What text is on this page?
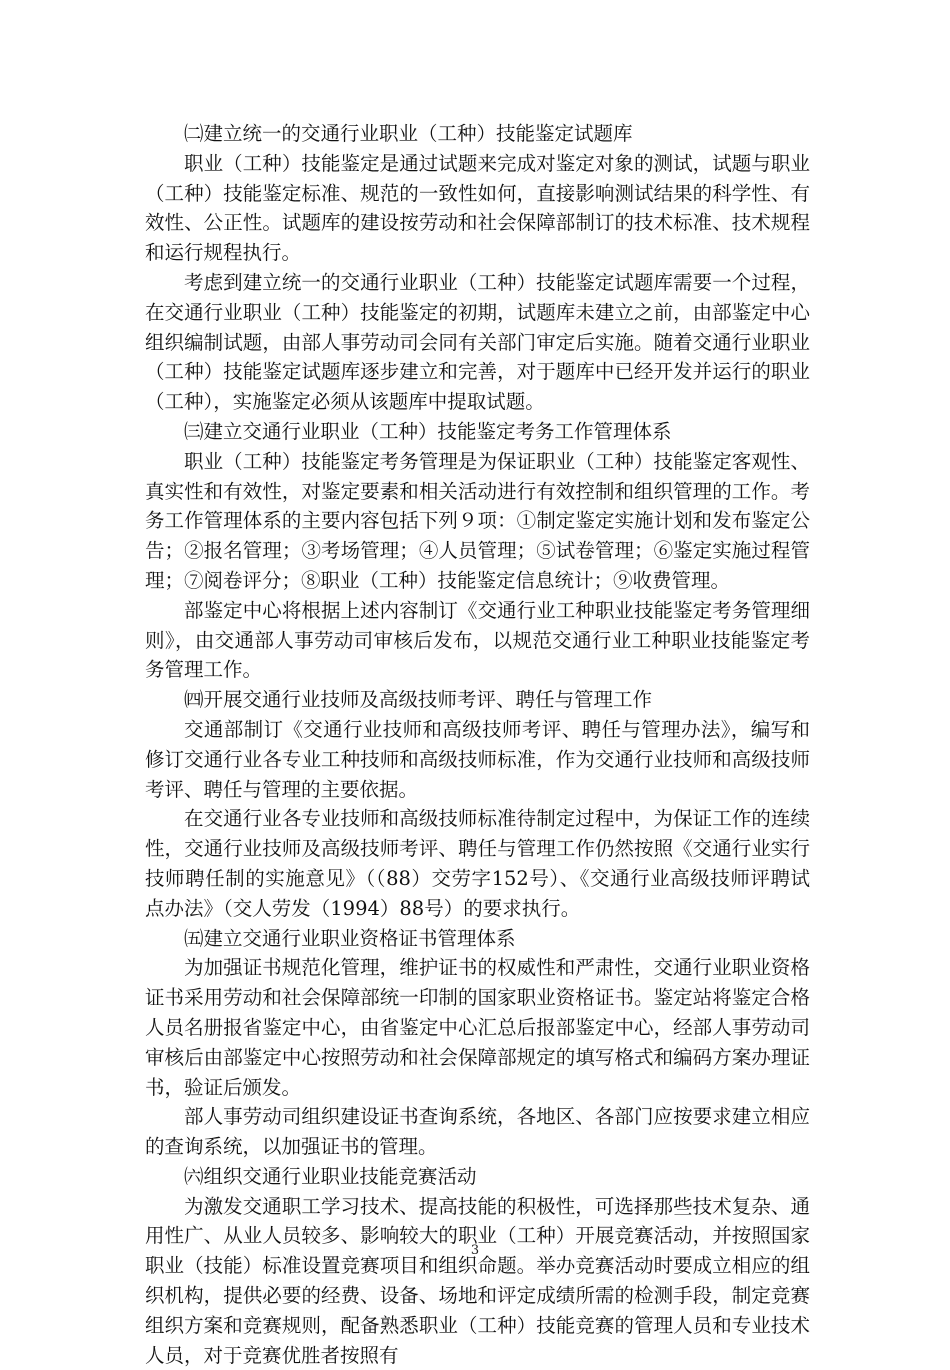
㈡建立统一的交通行业职业（工种）技能鉴定试题库

职业（工种）技能鉴定是通过试题来完成对鉴定对象的测试，试题与职业（工种）技能鉴定标准、规范的一致性如何，直接影响测试结果的科学性、有效性、公正性。试题库的建设按劳动和社会保障部制订的技术标准、技术规程和运行规程执行。

考虑到建立统一的交通行业职业（工种）技能鉴定试题库需要一个过程，在交通行业职业（工种）技能鉴定的初期，试题库未建立之前，由部鉴定中心组织编制试题，由部人事劳动司会同有关部门审定后实施。随着交通行业职业（工种）技能鉴定试题库逐步建立和完善，对于题库中已经开发并运行的职业（工种），实施鉴定必须从该题库中提取试题。

㈢建立交通行业职业（工种）技能鉴定考务工作管理体系

职业（工种）技能鉴定考务管理是为保证职业（工种）技能鉴定客观性、真实性和有效性，对鉴定要素和相关活动进行有效控制和组织管理的工作。考务工作管理体系的主要内容包括下列９项：①制定鉴定实施计划和发布鉴定公告；②报名管理；③考场管理；④人员管理；⑤试卷管理；⑥鉴定实施过程管理；⑦阅卷评分；⑧职业（工种）技能鉴定信息统计；⑨收费管理。

部鉴定中心将根据上述内容制订《交通行业工种职业技能鉴定考务管理细则》，由交通部人事劳动司审核后发布，以规范交通行业工种职业技能鉴定考务管理工作。

㈣开展交通行业技师及高级技师考评、聘任与管理工作

交通部制订《交通行业技师和高级技师考评、聘任与管理办法》，编写和修订交通行业各专业工种技师和高级技师标准，作为交通行业技师和高级技师考评、聘任与管理的主要依据。

在交通行业各专业技师和高级技师标准待制定过程中，为保证工作的连续性，交通行业技师及高级技师考评、聘任与管理工作仍然按照《交通行业实行技师聘任制的实施意见》（（88）交劳字152号）、《交通行业高级技师评聘试点办法》（交人劳发（1994）88号）的要求执行。

㈤建立交通行业职业资格证书管理体系

为加强证书规范化管理，维护证书的权威性和严肃性，交通行业职业资格证书采用劳动和社会保障部统一印制的国家职业资格证书。鉴定站将鉴定合格人员名册报省鉴定中心，由省鉴定中心汇总后报部鉴定中心，经部人事劳动司审核后由部鉴定中心按照劳动和社会保障部规定的填写格式和编码方案办理证书，验证后颁发。

部人事劳动司组织建设证书查询系统，各地区、各部门应按要求建立相应的查询系统，以加强证书的管理。

㈥组织交通行业职业技能竞赛活动

为激发交通职工学习技术、提高技能的积极性，可选择那些技术复杂、通用性广、从业人员较多、影响较大的职业（工种）开展竞赛活动，并按照国家职业（技能）标准设置竞赛项目和组织命题。举办竞赛活动时要成立相应的组织机构，提供必要的经费、设备、场地和评定成绩所需的检测手段，制定竞赛组织方案和竞赛规则，配备熟悉职业（工种）技能竞赛的管理人员和专业技术人员，对于竞赛优胜者按照有

3
